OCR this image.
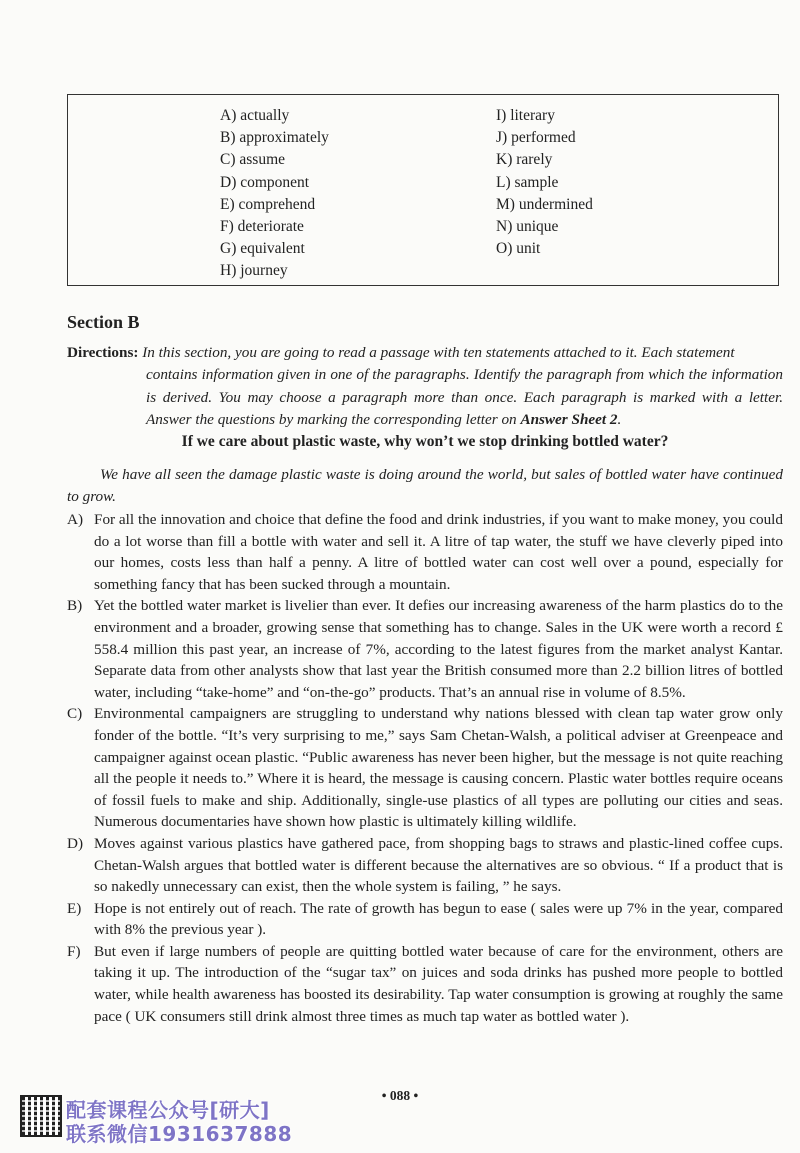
A) actually
B) approximately
C) assume
D) component
E) comprehend
F) deteriorate
G) equivalent
H) journey
I) literary
J) performed
K) rarely
L) sample
M) undermined
N) unique
O) unit
Section B
Directions: In this section, you are going to read a passage with ten statements attached to it. Each statement
contains information given in one of the paragraphs. Identify the paragraph from which the information is derived. You may choose a paragraph more than once. Each paragraph is marked with a letter. Answer the questions by marking the corresponding letter on Answer Sheet 2.
If we care about plastic waste, why won’t we stop drinking bottled water?
We have all seen the damage plastic waste is doing around the world, but sales of bottled water have continued to grow.
A) For all the innovation and choice that define the food and drink industries, if you want to make money, you could do a lot worse than fill a bottle with water and sell it. A litre of tap water, the stuff we have cleverly piped into our homes, costs less than half a penny. A litre of bottled water can cost well over a pound, especially for something fancy that has been sucked through a mountain.
B) Yet the bottled water market is livelier than ever. It defies our increasing awareness of the harm plastics do to the environment and a broader, growing sense that something has to change. Sales in the UK were worth a record £ 558.4 million this past year, an increase of 7%, according to the latest figures from the market analyst Kantar. Separate data from other analysts show that last year the British consumed more than 2.2 billion litres of bottled water, including “take-home” and “on-the-go” products. That’s an annual rise in volume of 8.5%.
C) Environmental campaigners are struggling to understand why nations blessed with clean tap water grow only fonder of the bottle. “It’s very surprising to me,” says Sam Chetan-Walsh, a political adviser at Greenpeace and campaigner against ocean plastic. “Public awareness has never been higher, but the message is not quite reaching all the people it needs to.” Where it is heard, the message is causing concern. Plastic water bottles require oceans of fossil fuels to make and ship. Additionally, single-use plastics of all types are polluting our cities and seas. Numerous documentaries have shown how plastic is ultimately killing wildlife.
D) Moves against various plastics have gathered pace, from shopping bags to straws and plastic-lined coffee cups. Chetan-Walsh argues that bottled water is different because the alternatives are so obvious. “ If a product that is so nakedly unnecessary can exist, then the whole system is failing, ” he says.
E) Hope is not entirely out of reach. The rate of growth has begun to ease ( sales were up 7% in the year, compared with 8% the previous year ).
F) But even if large numbers of people are quitting bottled water because of care for the environment, others are taking it up. The introduction of the “sugar tax” on juices and soda drinks has pushed more people to bottled water, while health awareness has boosted its desirability. Tap water consumption is growing at roughly the same pace ( UK consumers still drink almost three times as much tap water as bottled water ).
• 088 •
配套课程公众号[研大]
联系微信1931637888
